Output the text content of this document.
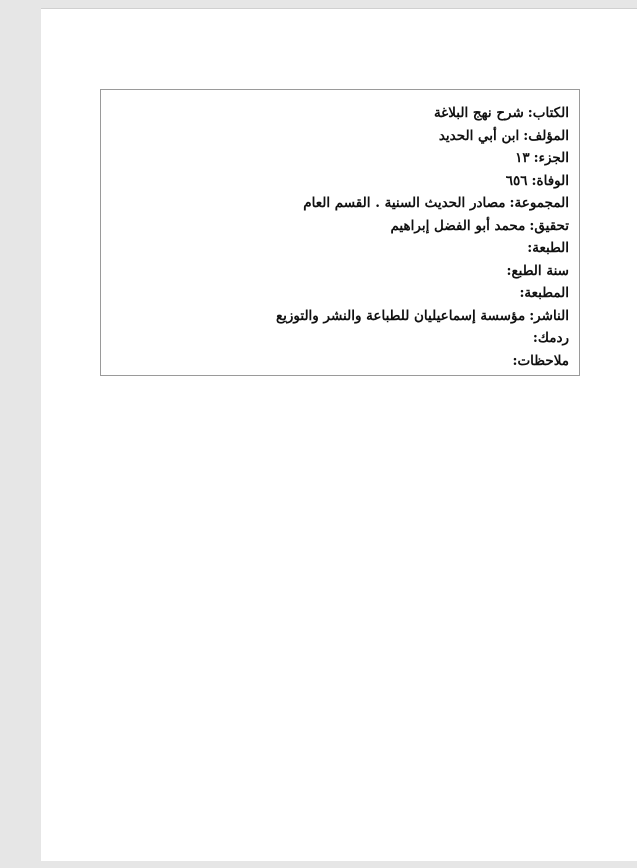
الكتاب:شرح نهج البلاغة
المؤلف:ابن أبي الحديد
الجزء:١٣
الوفاة:٦٥٦
المجموعة:مصادر الحديث السنية . القسم العام
تحقيق:محمد أبو الفضل إبراهيم
الطبعة:
سنة الطبع:
المطبعة:
الناشر:مؤسسة إسماعيليان للطباعة والنشر والتوزيع
ردمك:
ملاحظات:
